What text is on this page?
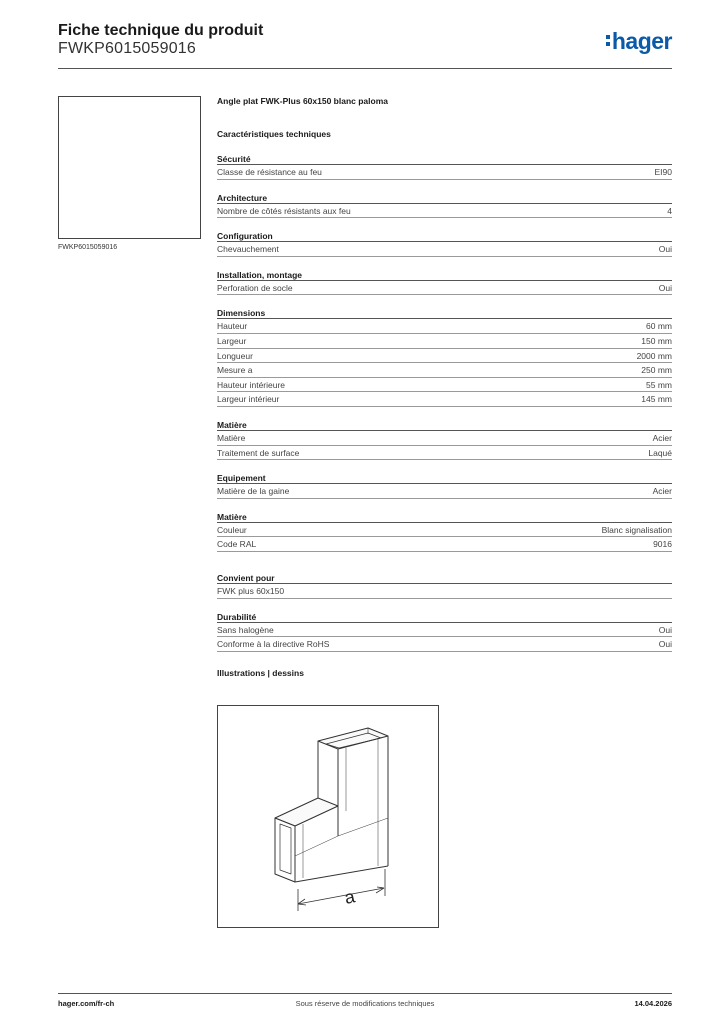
Fiche technique du produit
FWKP6015059016	hager
FWKP6015059016
Angle plat FWK-Plus 60x150 blanc paloma
Caractéristiques techniques
Sécurité
Classe de résistance au feu	EI90
Architecture
Nombre de côtés résistants aux feu	4
Configuration
Chevauchement	Oui
Installation, montage
Perforation de socle	Oui
Dimensions
Hauteur	60 mm
Largeur	150 mm
Longueur	2000 mm
Mesure a	250 mm
Hauteur intérieure	55 mm
Largeur intérieur	145 mm
Matière
Matière	Acier
Traitement de surface	Laqué
Equipement
Matière de la gaine	Acier
Matière
Couleur	Blanc signalisation
Code RAL	9016
Convient pour
FWK plus 60x150
Durabilité
Sans halogène	Oui
Conforme à la directive RoHS	Oui
Illustrations | dessins
a
hager.com/fr-ch	Sous réserve de modifications techniques	14.04.2026
